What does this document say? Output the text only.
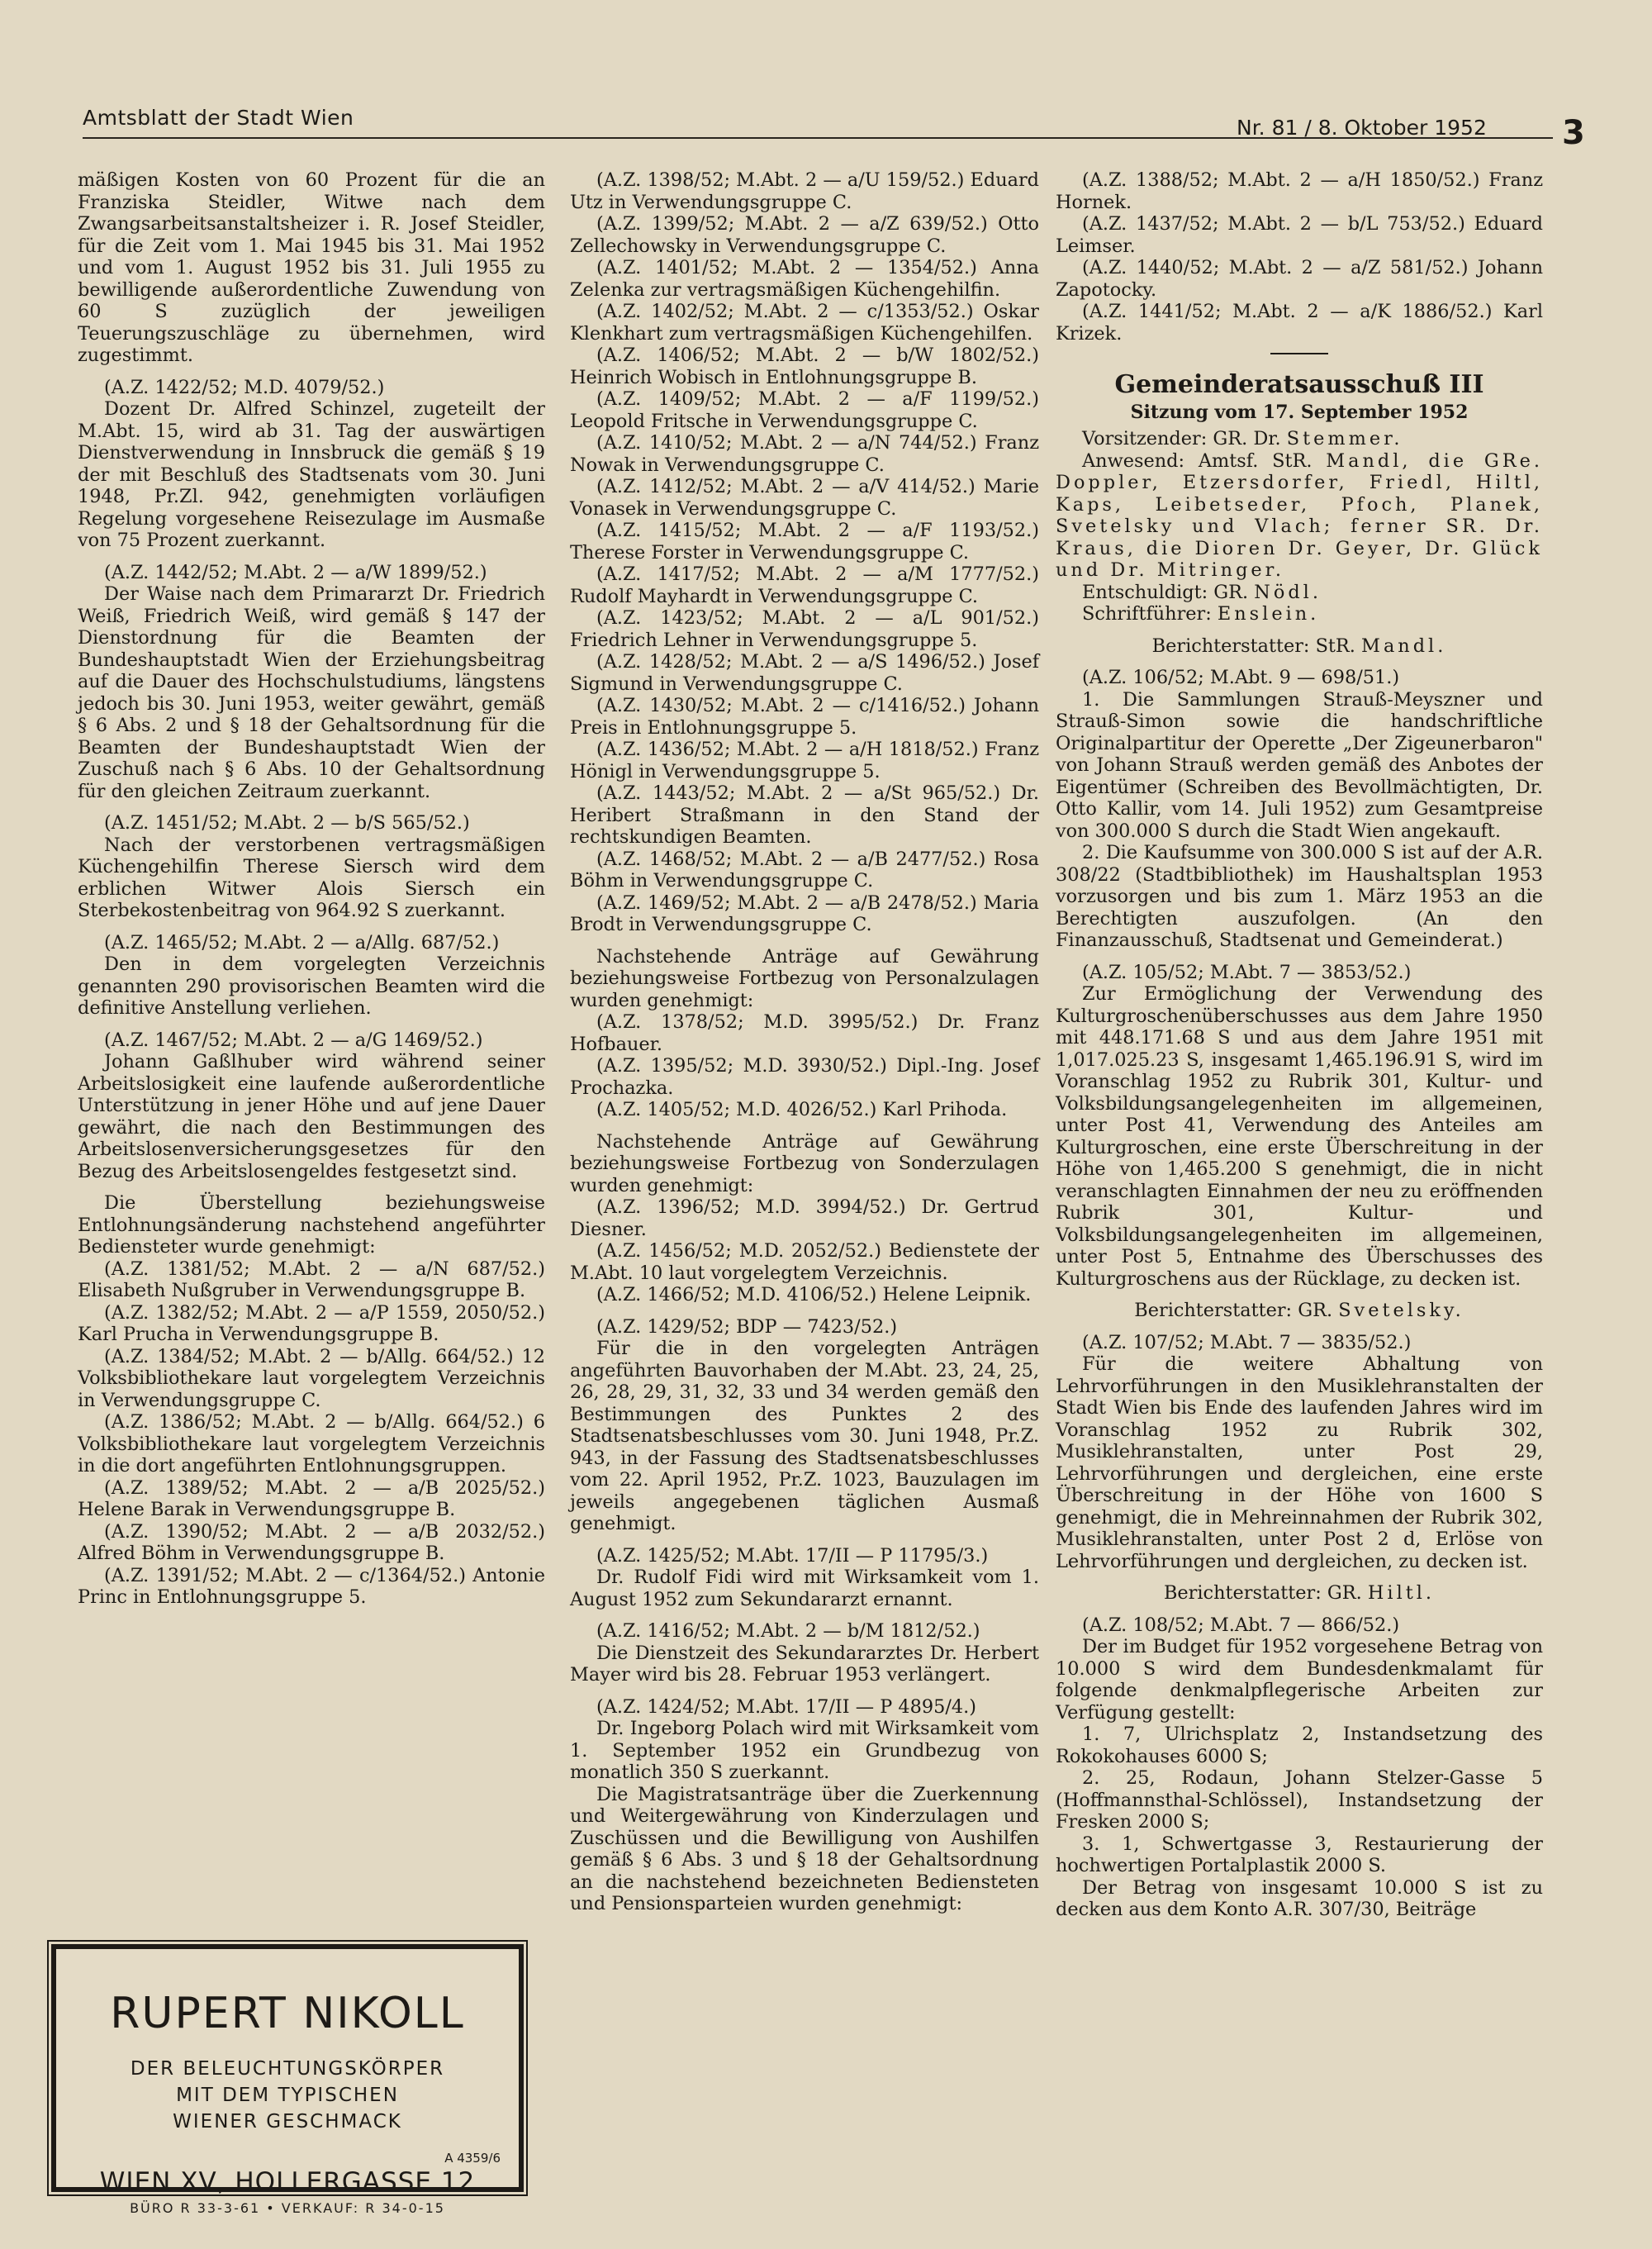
Amtsblatt der Stadt Wien	Nr. 81 / 8. Oktober 1952 3

mäßigen Kosten von 60 Prozent für die an Franziska Steidler, Witwe nach dem Zwangsarbeitsanstaltsheizer i. R. Josef Steidler, für die Zeit vom 1. Mai 1945 bis 31. Mai 1952 und vom 1. August 1952 bis 31. Juli 1955 zu bewilligende außerordentliche Zuwendung von 60 S zuzüglich der jeweiligen Teuerungszuschläge zu übernehmen, wird zugestimmt.

(A.Z. 1422/52; M.D. 4079/52.)

Dozent Dr. Alfred Schinzel, zugeteilt der M.Abt. 15, wird ab 31. Tag der auswärtigen Dienstverwendung in Innsbruck die gemäß § 19 der mit Beschluß des Stadtsenats vom 30. Juni 1948, Pr.Zl. 942, genehmigten vorläufigen Regelung vorgesehene Reisezulage im Ausmaße von 75 Prozent zuerkannt.

(A.Z. 1442/52; M.Abt. 2 — a/W 1899/52.)

Der Waise nach dem Primararzt Dr. Friedrich Weiß, Friedrich Weiß, wird gemäß § 147 der Dienstordnung für die Beamten der Bundeshauptstadt Wien der Erziehungsbeitrag auf die Dauer des Hochschulstudiums, längstens jedoch bis 30. Juni 1953, weiter gewährt, gemäß § 6 Abs. 2 und § 18 der Gehaltsordnung für die Beamten der Bundeshauptstadt Wien der Zuschuß nach § 6 Abs. 10 der Gehaltsordnung für den gleichen Zeitraum zuerkannt.

(A.Z. 1451/52; M.Abt. 2 — b/S 565/52.)

Nach der verstorbenen vertragsmäßigen Küchengehilfin Therese Siersch wird dem erblichen Witwer Alois Siersch ein Sterbekostenbeitrag von 964.92 S zuerkannt.

(A.Z. 1465/52; M.Abt. 2 — a/Allg. 687/52.)

Den in dem vorgelegten Verzeichnis genannten 290 provisorischen Beamten wird die definitive Anstellung verliehen.

(A.Z. 1467/52; M.Abt. 2 — a/G 1469/52.)

Johann Gaßlhuber wird während seiner Arbeitslosigkeit eine laufende außerordentliche Unterstützung in jener Höhe und auf jene Dauer gewährt, die nach den Bestimmungen des Arbeitslosenversicherungsgesetzes für den Bezug des Arbeitslosengeldes festgesetzt sind.

Die Überstellung beziehungsweise Entlohnungsänderung nachstehend angeführter Bediensteter wurde genehmigt:

(A.Z. 1381/52; M.Abt. 2 — a/N 687/52.) Elisabeth Nußgruber in Verwendungsgruppe B.

(A.Z. 1382/52; M.Abt. 2 — a/P 1559, 2050/52.) Karl Prucha in Verwendungsgruppe B.

(A.Z. 1384/52; M.Abt. 2 — b/Allg. 664/52.) 12 Volksbibliothekare laut vorgelegtem Verzeichnis in Verwendungsgruppe C.

(A.Z. 1386/52; M.Abt. 2 — b/Allg. 664/52.) 6 Volksbibliothekare laut vorgelegtem Verzeichnis in die dort angeführten Entlohnungsgruppen.

(A.Z. 1389/52; M.Abt. 2 — a/B 2025/52.) Helene Barak in Verwendungsgruppe B.

(A.Z. 1390/52; M.Abt. 2 — a/B 2032/52.) Alfred Böhm in Verwendungsgruppe B.

(A.Z. 1391/52; M.Abt. 2 — c/1364/52.) Antonie Princ in Entlohnungsgruppe 5.

RUPERT NIKOLL
DER BELEUCHTUNGSKÖRPER
MIT DEM TYPISCHEN
WIENER GESCHMACK
WIEN XV, HOLLERGASSE 12
BÜRO R 33-3-61 • VERKAUF: R 34-0-15
A 4359/6

(A.Z. 1398/52; M.Abt. 2 — a/U 159/52.) Eduard Utz in Verwendungsgruppe C.

(A.Z. 1399/52; M.Abt. 2 — a/Z 639/52.) Otto Zellechowsky in Verwendungsgruppe C.

(A.Z. 1401/52; M.Abt. 2 — 1354/52.) Anna Zelenka zur vertragsmäßigen Küchengehilfin.

(A.Z. 1402/52; M.Abt. 2 — c/1353/52.) Oskar Klenkhart zum vertragsmäßigen Küchengehilfen.

(A.Z. 1406/52; M.Abt. 2 — b/W 1802/52.) Heinrich Wobisch in Entlohnungsgruppe B.

(A.Z. 1409/52; M.Abt. 2 — a/F 1199/52.) Leopold Fritsche in Verwendungsgruppe C.

(A.Z. 1410/52; M.Abt. 2 — a/N 744/52.) Franz Nowak in Verwendungsgruppe C.

(A.Z. 1412/52; M.Abt. 2 — a/V 414/52.) Marie Vonasek in Verwendungsgruppe C.

(A.Z. 1415/52; M.Abt. 2 — a/F 1193/52.) Therese Forster in Verwendungsgruppe C.

(A.Z. 1417/52; M.Abt. 2 — a/M 1777/52.) Rudolf Mayhardt in Verwendungsgruppe C.

(A.Z. 1423/52; M.Abt. 2 — a/L 901/52.) Friedrich Lehner in Verwendungsgruppe 5.

(A.Z. 1428/52; M.Abt. 2 — a/S 1496/52.) Josef Sigmund in Verwendungsgruppe C.

(A.Z. 1430/52; M.Abt. 2 — c/1416/52.) Johann Preis in Entlohnungsgruppe 5.

(A.Z. 1436/52; M.Abt. 2 — a/H 1818/52.) Franz Hönigl in Verwendungsgruppe 5.

(A.Z. 1443/52; M.Abt. 2 — a/St 965/52.) Dr. Heribert Straßmann in den Stand der rechtskundigen Beamten.

(A.Z. 1468/52; M.Abt. 2 — a/B 2477/52.) Rosa Böhm in Verwendungsgruppe C.

(A.Z. 1469/52; M.Abt. 2 — a/B 2478/52.) Maria Brodt in Verwendungsgruppe C.

Nachstehende Anträge auf Gewährung beziehungsweise Fortbezug von Personalzulagen wurden genehmigt:

(A.Z. 1378/52; M.D. 3995/52.) Dr. Franz Hofbauer.

(A.Z. 1395/52; M.D. 3930/52.) Dipl.-Ing. Josef Prochazka.

(A.Z. 1405/52; M.D. 4026/52.) Karl Prihoda.

Nachstehende Anträge auf Gewährung beziehungsweise Fortbezug von Sonderzulagen wurden genehmigt:

(A.Z. 1396/52; M.D. 3994/52.) Dr. Gertrud Diesner.

(A.Z. 1456/52; M.D. 2052/52.) Bedienstete der M.Abt. 10 laut vorgelegtem Verzeichnis.

(A.Z. 1466/52; M.D. 4106/52.) Helene Leipnik.

(A.Z. 1429/52; BDP — 7423/52.)

Für die in den vorgelegten Anträgen angeführten Bauvorhaben der M.Abt. 23, 24, 25, 26, 28, 29, 31, 32, 33 und 34 werden gemäß den Bestimmungen des Punktes 2 des Stadtsenatsbeschlusses vom 30. Juni 1948, Pr.Z. 943, in der Fassung des Stadtsenatsbeschlusses vom 22. April 1952, Pr.Z. 1023, Bauzulagen im jeweils angegebenen täglichen Ausmaß genehmigt.

(A.Z. 1425/52; M.Abt. 17/II — P 11795/3.)

Dr. Rudolf Fidi wird mit Wirksamkeit vom 1. August 1952 zum Sekundararzt ernannt.

(A.Z. 1416/52; M.Abt. 2 — b/M 1812/52.)

Die Dienstzeit des Sekundararztes Dr. Herbert Mayer wird bis 28. Februar 1953 verlängert.

(A.Z. 1424/52; M.Abt. 17/II — P 4895/4.)

Dr. Ingeborg Polach wird mit Wirksamkeit vom 1. September 1952 ein Grundbezug von monatlich 350 S zuerkannt.

Die Magistratsanträge über die Zuerkennung und Weitergewährung von Kinderzulagen und Zuschüssen und die Bewilligung von Aushilfen gemäß § 6 Abs. 3 und § 18 der Gehaltsordnung an die nachstehend bezeichneten Bediensteten und Pensionsparteien wurden genehmigt:

(A.Z. 1388/52; M.Abt. 2 — a/H 1850/52.) Franz Hornek.

(A.Z. 1437/52; M.Abt. 2 — b/L 753/52.) Eduard Leimser.

(A.Z. 1440/52; M.Abt. 2 — a/Z 581/52.) Johann Zapotocky.

(A.Z. 1441/52; M.Abt. 2 — a/K 1886/52.) Karl Krizek.

Gemeinderatsausschuß III
Sitzung vom 17. September 1952

Vorsitzender: GR. Dr. Stemmer.

Anwesend: Amtsf. StR. Mandl, die GRe. Doppler, Etzersdorfer, Friedl, Hiltl, Kaps, Leibetseder, Pfoch, Planek, Svetelsky und Vlach; ferner SR. Dr. Kraus, die Dioren Dr. Geyer, Dr. Glück und Dr. Mitringer.

Entschuldigt: GR. Nödl.

Schriftführer: Enslein.

Berichterstatter: StR. Mandl.

(A.Z. 106/52; M.Abt. 9 — 698/51.)

1. Die Sammlungen Strauß-Meyszner und Strauß-Simon sowie die handschriftliche Originalpartitur der Operette „Der Zigeunerbaron" von Johann Strauß werden gemäß des Anbotes der Eigentümer (Schreiben des Bevollmächtigten, Dr. Otto Kallir, vom 14. Juli 1952) zum Gesamtpreise von 300.000 S durch die Stadt Wien angekauft.

2. Die Kaufsumme von 300.000 S ist auf der A.R. 308/22 (Stadtbibliothek) im Haushaltsplan 1953 vorzusorgen und bis zum 1. März 1953 an die Berechtigten auszufolgen. (An den Finanzausschuß, Stadtsenat und Gemeinderat.)

(A.Z. 105/52; M.Abt. 7 — 3853/52.)

Zur Ermöglichung der Verwendung des Kulturgroschenüberschusses aus dem Jahre 1950 mit 448.171.68 S und aus dem Jahre 1951 mit 1,017.025.23 S, insgesamt 1,465.196.91 S, wird im Voranschlag 1952 zu Rubrik 301, Kultur- und Volksbildungsangelegenheiten im allgemeinen, unter Post 41, Verwendung des Anteiles am Kulturgroschen, eine erste Überschreitung in der Höhe von 1,465.200 S genehmigt, die in nicht veranschlagten Einnahmen der neu zu eröffnenden Rubrik 301, Kultur- und Volksbildungsangelegenheiten im allgemeinen, unter Post 5, Entnahme des Überschusses des Kulturgroschens aus der Rücklage, zu decken ist.

Berichterstatter: GR. Svetelsky.

(A.Z. 107/52; M.Abt. 7 — 3835/52.)

Für die weitere Abhaltung von Lehrvorführungen in den Musiklehranstalten der Stadt Wien bis Ende des laufenden Jahres wird im Voranschlag 1952 zu Rubrik 302, Musiklehranstalten, unter Post 29, Lehrvorführungen und dergleichen, eine erste Überschreitung in der Höhe von 1600 S genehmigt, die in Mehreinnahmen der Rubrik 302, Musiklehranstalten, unter Post 2 d, Erlöse von Lehrvorführungen und dergleichen, zu decken ist.

Berichterstatter: GR. Hiltl.

(A.Z. 108/52; M.Abt. 7 — 866/52.)

Der im Budget für 1952 vorgesehene Betrag von 10.000 S wird dem Bundesdenkmalamt für folgende denkmalpflegerische Arbeiten zur Verfügung gestellt:

1. 7, Ulrichsplatz 2, Instandsetzung des Rokokohauses 6000 S;

2. 25, Rodaun, Johann Stelzer-Gasse 5 (Hoffmannsthal-Schlössel), Instandsetzung der Fresken 2000 S;

3. 1, Schwertgasse 3, Restaurierung der hochwertigen Portalplastik 2000 S.

Der Betrag von insgesamt 10.000 S ist zu decken aus dem Konto A.R. 307/30, Beiträge
